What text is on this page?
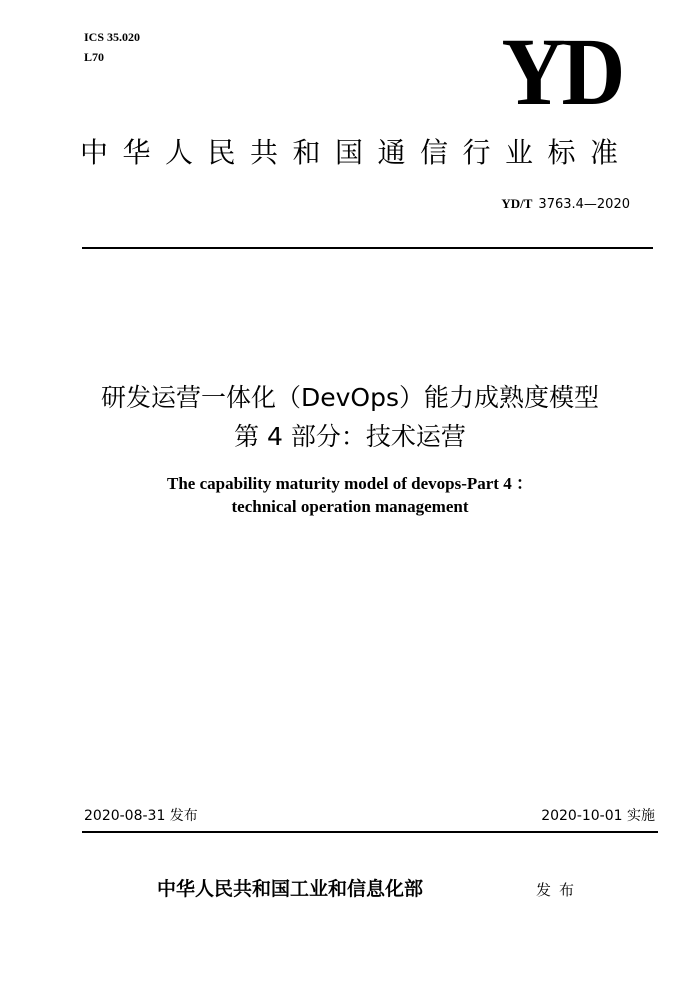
ICS 35.020
L70	YD
中华人民共和国通信行业标准
YD/T 3763.4—2020
研发运营一体化（DevOps）能力成熟度模型
第 4 部分：技术运营
The capability maturity model of devops-Part 4 ：
technical operation management
2020-08-31 发布	2020-10-01 实施
中华人民共和国工业和信息化部	发布
